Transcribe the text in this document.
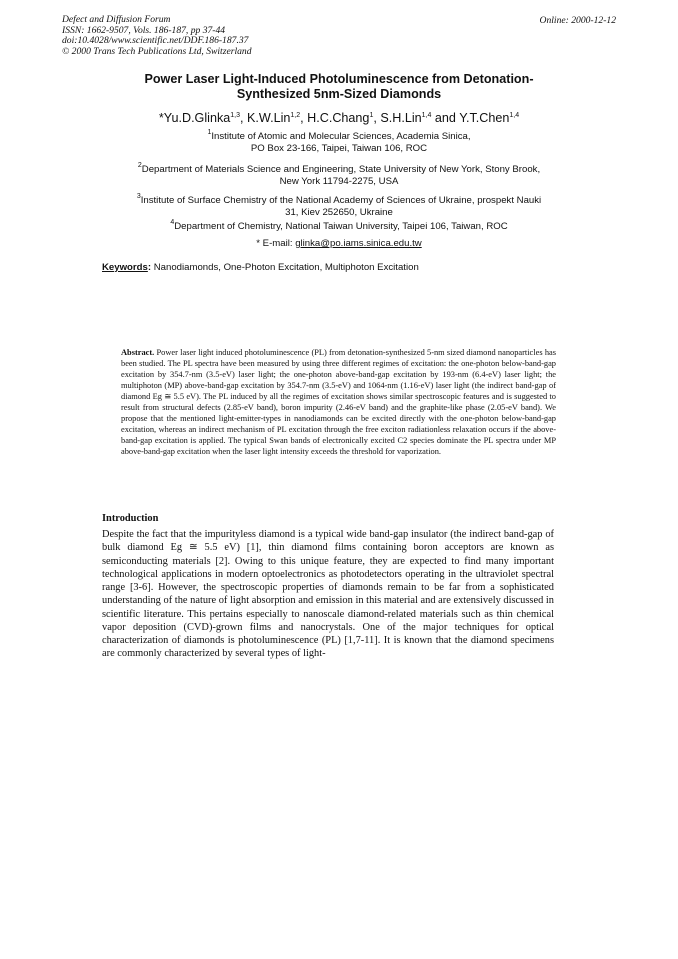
Defect and Diffusion Forum
ISSN: 1662-9507, Vols. 186-187, pp 37-44
doi:10.4028/www.scientific.net/DDF.186-187.37
© 2000 Trans Tech Publications Ltd, Switzerland
Online: 2000-12-12
Power Laser Light-Induced Photoluminescence from Detonation-
Synthesized 5nm-Sized Diamonds
*Yu.D.Glinka$^{1,3}$, K.W.Lin$^{1,2}$, H.C.Chang$^1$, S.H.Lin$^{1,4}$ and Y.T.Chen$^{1,4}$
$^1$Institute of Atomic and Molecular Sciences, Academia Sinica,
PO Box 23-166, Taipei, Taiwan 106, ROC
$^2$Department of Materials Science and Engineering, State University of New York, Stony Brook,
New York 11794-2275, USA
$^3$Institute of Surface Chemistry of the National Academy of Sciences of Ukraine, prospekt Nauki
31, Kiev 252650, Ukraine
$^4$Department of Chemistry, National Taiwan University, Taipei 106, Taiwan, ROC
* E-mail: glinka@po.iams.sinica.edu.tw
Keywords: Nanodiamonds, One-Photon Excitation, Multiphoton Excitation
Abstract. Power laser light induced photoluminescence (PL) from detonation-synthesized 5-nm sized diamond nanoparticles has been studied. The PL spectra have been measured by using three different regimes of excitation: the one-photon below-band-gap excitation by 354.7-nm (3.5-eV) laser light; the one-photon above-band-gap excitation by 193-nm (6.4-eV) laser light; the multiphoton (MP) above-band-gap excitation by 354.7-nm (3.5-eV) and 1064-nm (1.16-eV) laser light (the indirect band-gap of diamond Eg ≅ 5.5 eV). The PL induced by all the regimes of excitation shows similar spectroscopic features and is suggested to result from structural defects (2.85-eV band), boron impurity (2.46-eV band) and the graphite-like phase (2.05-eV band). We propose that the mentioned light-emitter-types in nanodiamonds can be excited directly with the one-photon below-band-gap excitation, whereas an indirect mechanism of PL excitation through the free exciton radiationless relaxation occurs if the above-band-gap excitation is applied. The typical Swan bands of electronically excited C2 species dominate the PL spectra under MP above-band-gap excitation when the laser light intensity exceeds the threshold for vaporization.
Introduction
Despite the fact that the impurityless diamond is a typical wide band-gap insulator (the indirect band-gap of bulk diamond Eg ≅ 5.5 eV) [1], thin diamond films containing boron acceptors are known as semiconducting materials [2]. Owing to this unique feature, they are expected to find many important technological applications in modern optoelectronics as photodetectors operating in the ultraviolet spectral range [3-6]. However, the spectroscopic properties of diamonds remain to be far from a sophisticated understanding of the nature of light absorption and emission in this material and are extensively discussed in scientific literature. This pertains especially to nanoscale diamond-related materials such as thin chemical vapor deposition (CVD)-grown films and nanocrystals. One of the major techniques for optical characterization of diamonds is photoluminescence (PL) [1,7-11]. It is known that the diamond specimens are commonly characterized by several types of light-
